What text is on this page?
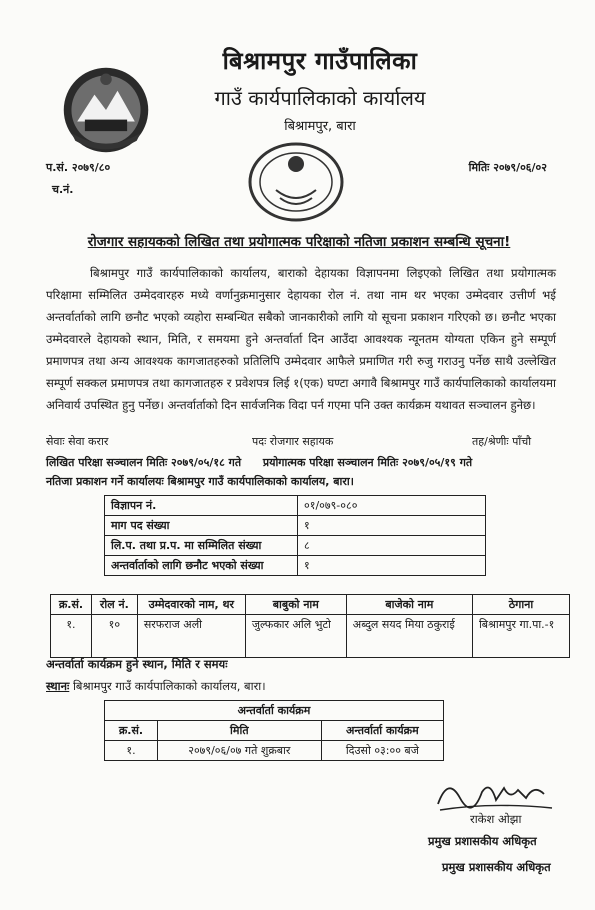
बिश्रामपुर गाउँपालिका
गाउँ कार्यपालिकाको कार्यालय
बिश्रामपुर, बारा
प.सं. २०७९/८०
च.नं.
मितिः २०७९/०६/०२
रोजगार सहायकको लिखित तथा प्रयोगात्मक परिक्षाको नतिजा प्रकाशन सम्बन्धि सूचना!
बिश्रामपुर गाउँ कार्यपालिकाको कार्यालय, बाराको देहायका विज्ञापनमा लिइएको लिखित तथा प्रयोगात्मक परिक्षामा सम्मिलित उम्मेदवारहरु मध्ये वर्णानुक्रमानुसार देहायका रोल नं. तथा नाम थर भएका उम्मेदवार उत्तीर्ण भई अन्तर्वार्ताको लागि छनौट भएको व्यहोरा सम्बन्धित सबैको जानकारीको लागि यो सूचना प्रकाशन गरिएको छ। छनौट भएका उम्मेदवारले देहायको स्थान, मिति, र समयमा हुने अन्तर्वार्ता दिन आउँदा आवश्यक न्यूनतम योग्यता एकिन हुने सम्पूर्ण प्रमाणपत्र तथा अन्य आवश्यक कागजातहरुको प्रतिलिपि उम्मेदवार आफैले प्रमाणित गरी रुजु गराउनु पर्नेछ साथै उल्लेखित सम्पूर्ण सक्कल प्रमाणपत्र तथा कागजातहरु र प्रवेशपत्र लिई १(एक) घण्टा अगावै बिश्रामपुर गाउँ कार्यपालिकाको कार्यालयमा अनिवार्य उपस्थित हुनु पर्नेछ। अन्तर्वार्ताको दिन सार्वजनिक विदा पर्न गएमा पनि उक्त कार्यक्रम यथावत सञ्चालन हुनेछ।
सेवाः सेवा करार	पदः रोजगार सहायक	तह/श्रेणीः पाँचौ
लिखित परिक्षा सञ्चालन मितिः २०७९/०५/१८ गते प्रयोगात्मक परिक्षा सञ्चालन मितिः २०७९/०५/१९ गते
नतिजा प्रकाशन गर्ने कार्यालयः बिश्रामपुर गाउँ कार्यपालिकाको कार्यालय, बारा।
विज्ञापन नं.	०१/०७९-०८०
माग पद संख्या	१
लि.प. तथा प्र.प. मा सम्मिलित संख्या	८
अन्तर्वार्ताको लागि छनौट भएको संख्या	१
क्र.सं.	रोल नं.	उम्मेदवारको नाम, थर	बाबुको नाम	बाजेको नाम	ठेगाना
१.	१०	सरफराज अली	जुल्फकार अलि भुटो	अब्दुल सयद मिया ठकुराई	बिश्रामपुर गा.पा.-१
अन्तर्वार्ता कार्यक्रम हुने स्थान, मिति र समयः
स्थानः बिश्रामपुर गाउँ कार्यपालिकाको कार्यालय, बारा।
अन्तर्वार्ता कार्यक्रम		
क्र.सं.	मिति	अन्तर्वार्ता कार्यक्रम
१.	२०७९/०६/०७ गते शुक्रबार	दिउसो ०३:०० बजे
राकेश ओझा
प्रमुख प्रशासकीय अधिकृत
प्रमुख प्रशासकीय अधिकृत
